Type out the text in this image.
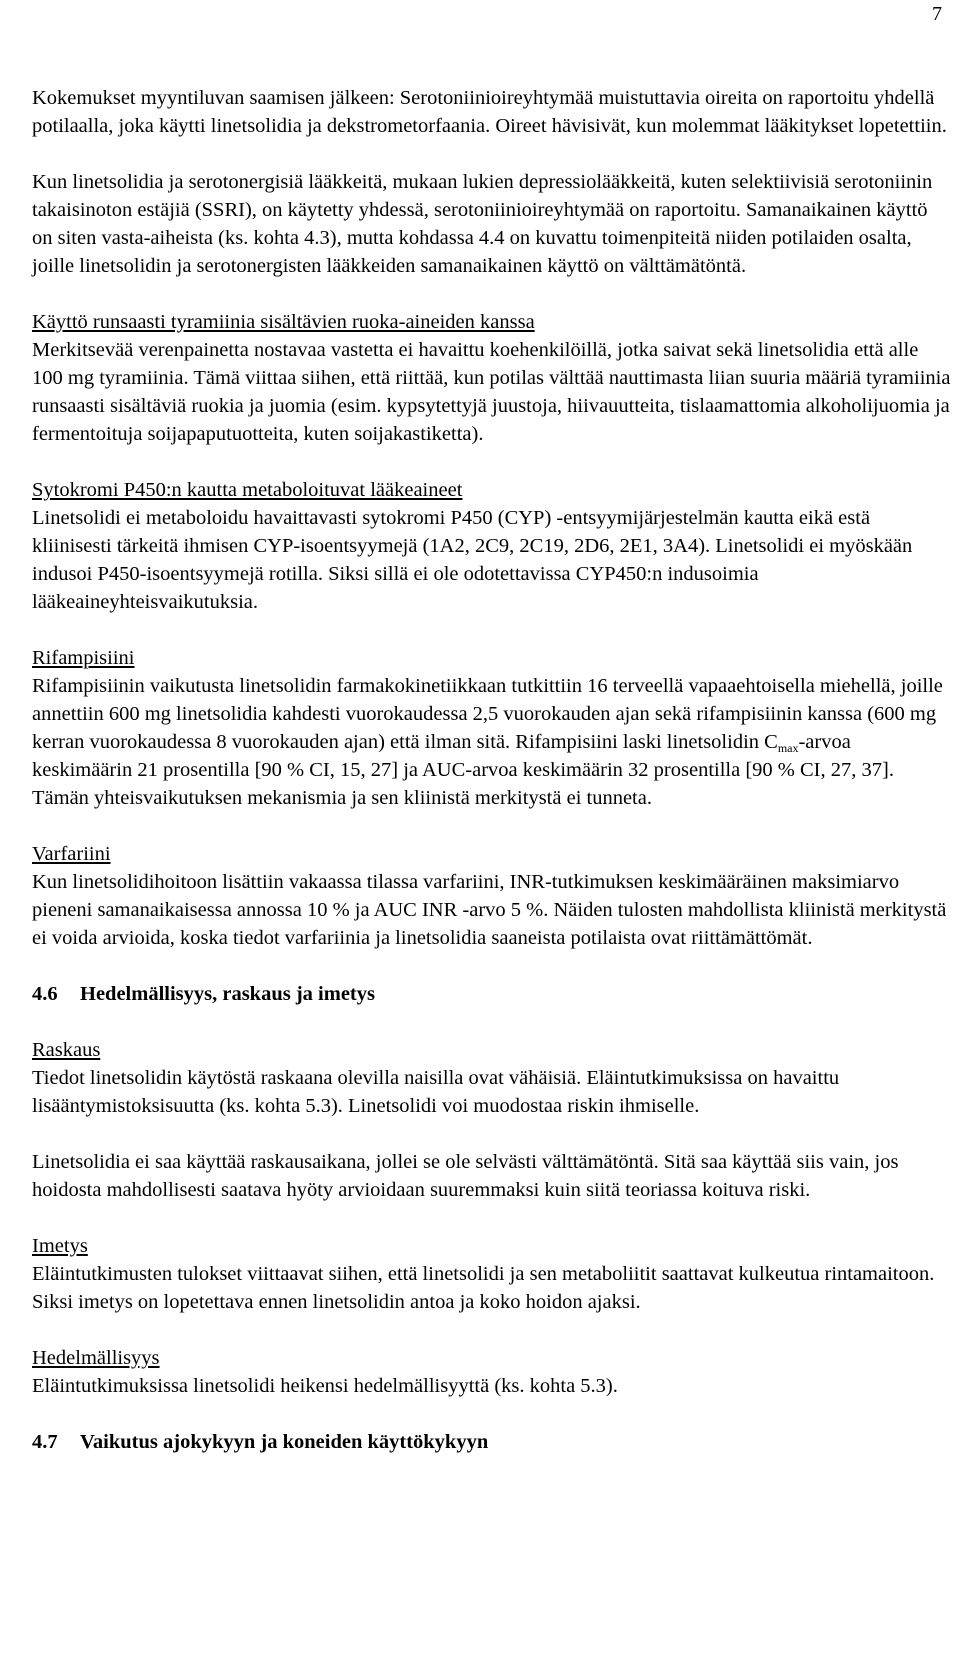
7

Kokemukset myyntiluvan saamisen jälkeen: Serotoniinioireyhtymää muistuttavia oireita on raportoitu yhdellä potilaalla, joka käytti linetsolidia ja dekstrometorfaania. Oireet hävisivät, kun molemmat lääkitykset lopetettiin.

Kun linetsolidia ja serotonergisiä lääkkeitä, mukaan lukien depressiolääkkeitä, kuten selektiivisiä serotoniinin takaisinoton estäjiä (SSRI), on käytetty yhdessä, serotoniinioireyhtymää on raportoitu. Samanaikainen käyttö on siten vasta-aiheista (ks. kohta 4.3), mutta kohdassa 4.4 on kuvattu toimenpiteitä niiden potilaiden osalta, joille linetsolidin ja serotonergisten lääkkeiden samanaikainen käyttö on välttämätöntä.

Käyttö runsaasti tyramiinia sisältävien ruoka-aineiden kanssa

Merkitsevää verenpainetta nostavaa vastetta ei havaittu koehenkilöillä, jotka saivat sekä linetsolidia että alle 100 mg tyramiinia. Tämä viittaa siihen, että riittää, kun potilas välttää nauttimasta liian suuria määriä tyramiinia runsaasti sisältäviä ruokia ja juomia (esim. kypsytettyjä juustoja, hiivauutteita, tislaamattomia alkoholijuomia ja fermentoituja soijapaputuotteita, kuten soijakastiketta).

Sytokromi P450:n kautta metaboloituvat lääkeaineet

Linetsolidi ei metaboloidu havaittavasti sytokromi P450 (CYP) -entsyymijärjestelmän kautta eikä estä kliinisesti tärkeitä ihmisen CYP-isoentsyymejä (1A2, 2C9, 2C19, 2D6, 2E1, 3A4). Linetsolidi ei myöskään indusoi P450-isoentsyymejä rotilla. Siksi sillä ei ole odotettavissa CYP450:n indusoimia lääkeaineyhteisvaikutuksia.

Rifampisiini

Rifampisiinin vaikutusta linetsolidin farmakokinetiikkaan tutkittiin 16 terveellä vapaaehtoisella miehellä, joille annettiin 600 mg linetsolidia kahdesti vuorokaudessa 2,5 vuorokauden ajan sekä rifampisiinin kanssa (600 mg kerran vuorokaudessa 8 vuorokauden ajan) että ilman sitä. Rifampisiini laski linetsolidin $C_{max}$-arvoa keskimäärin 21 prosentilla [90 % CI, 15, 27] ja AUC-arvoa keskimäärin 32 prosentilla [90 % CI, 27, 37]. Tämän yhteisvaikutuksen mekanismia ja sen kliinistä merkitystä ei tunneta.

Varfariini

Kun linetsolidihoitoon lisättiin vakaassa tilassa varfariini, INR-tutkimuksen keskimääräinen maksimiarvo pieneni samanaikaisessa annossa 10 % ja AUC INR -arvo 5 %. Näiden tulosten mahdollista kliinistä merkitystä ei voida arvioida, koska tiedot varfariinia ja linetsolidia saaneista potilaista ovat riittämättömät.

4.6 Hedelmällisyys, raskaus ja imetys

Raskaus

Tiedot linetsolidin käytöstä raskaana olevilla naisilla ovat vähäisiä. Eläintutkimuksissa on havaittu lisääntymistoksisuutta (ks. kohta 5.3). Linetsolidi voi muodostaa riskin ihmiselle.

Linetsolidia ei saa käyttää raskausaikana, jollei se ole selvästi välttämätöntä. Sitä saa käyttää siis vain, jos hoidosta mahdollisesti saatava hyöty arvioidaan suuremmaksi kuin siitä teoriassa koituva riski.

Imetys

Eläintutkimusten tulokset viittaavat siihen, että linetsolidi ja sen metaboliitit saattavat kulkeutua rintamaitoon. Siksi imetys on lopetettava ennen linetsolidin antoa ja koko hoidon ajaksi.

Hedelmällisyys

Eläintutkimuksissa linetsolidi heikensi hedelmällisyyttä (ks. kohta 5.3).

4.7 Vaikutus ajokykyyn ja koneiden käyttökykyyn
